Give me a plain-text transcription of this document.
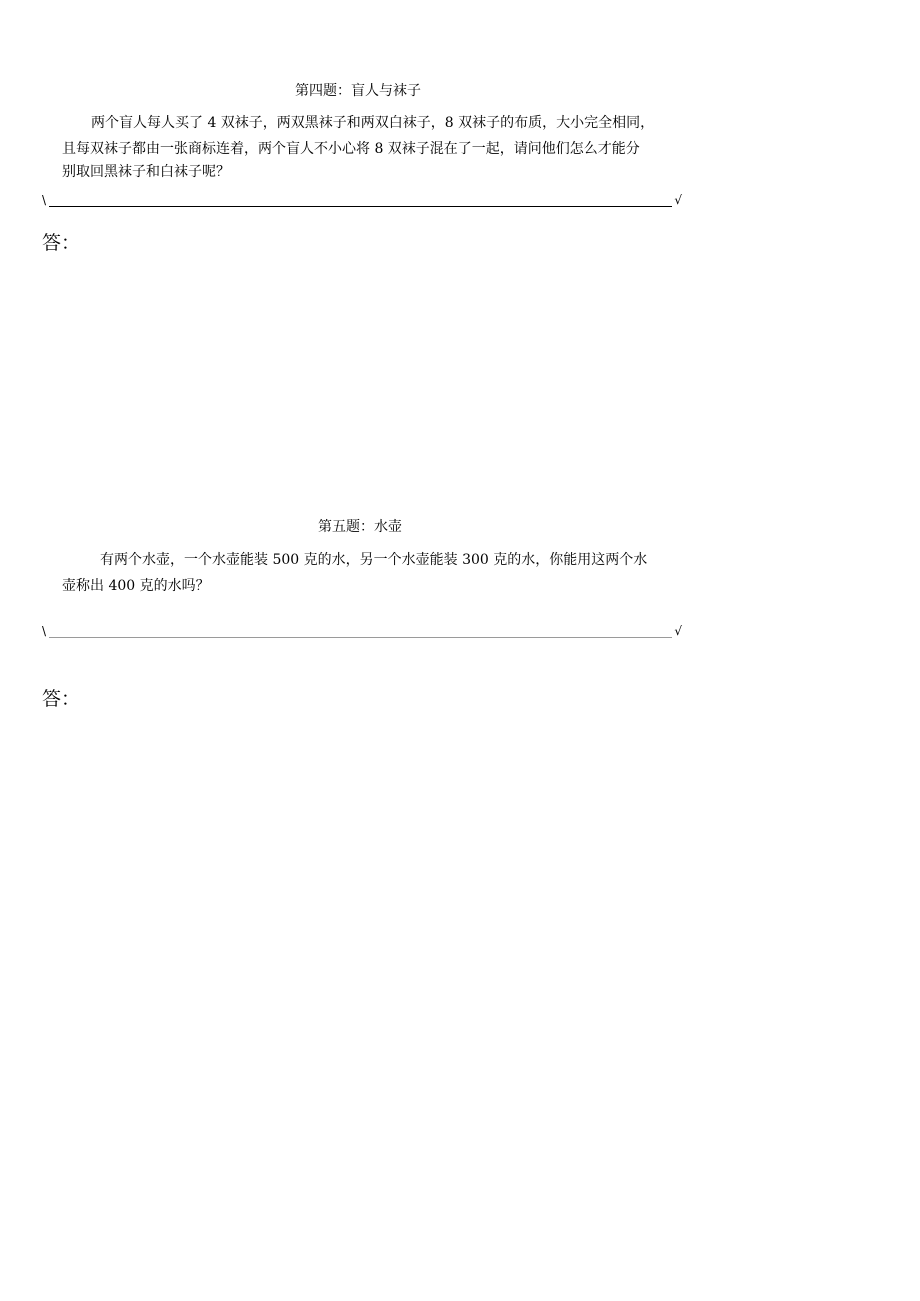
第四题：盲人与袜子
两个盲人每人买了 4 双袜子，两双黑袜子和两双白袜子，8 双袜子的布质，大小完全相同，
且每双袜子都由一张商标连着，两个盲人不小心将 8 双袜子混在了一起，请问他们怎么才能分
别取回黑袜子和白袜子呢？
\	√
答：
第五题：水壶
有两个水壶，一个水壶能装 500 克的水，另一个水壶能装 300 克的水，你能用这两个水
壶称出 400 克的水吗？
\	√
答：
